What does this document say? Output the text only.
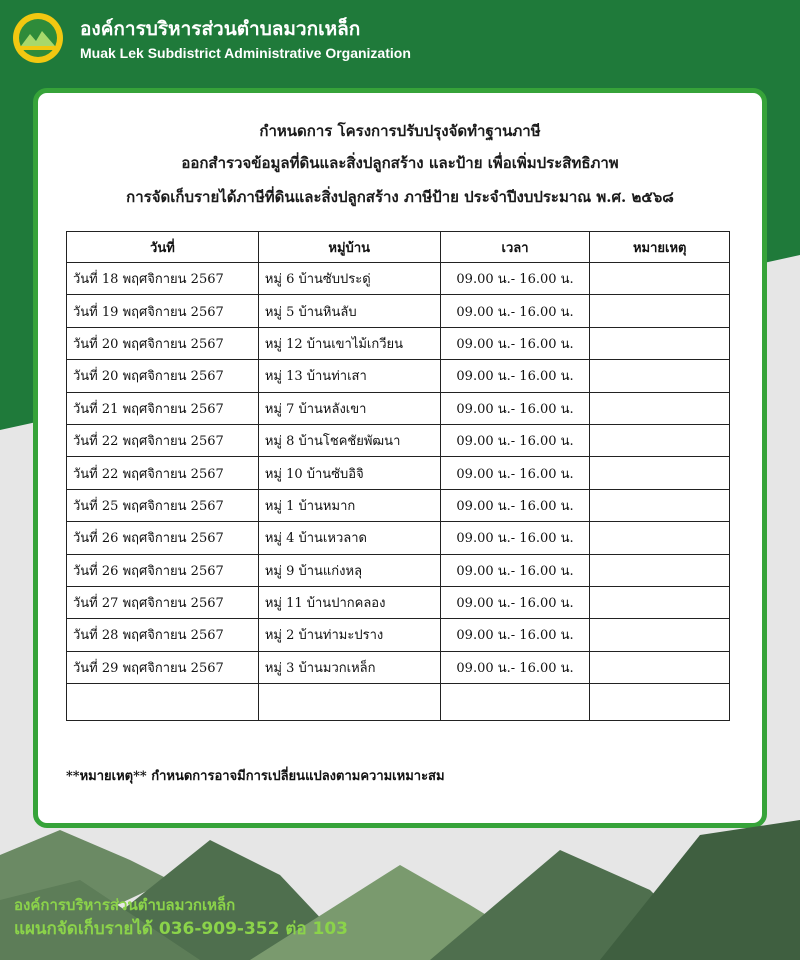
องค์การบริหารส่วนตำบลมวกเหล็ก
Muak Lek Subdistrict Administrative Organization
กำหนดการ โครงการปรับปรุงจัดทำฐานภาษี
ออกสำรวจข้อมูลที่ดินและสิ่งปลูกสร้าง และป้าย เพื่อเพิ่มประสิทธิภาพ
การจัดเก็บรายได้ภาษีที่ดินและสิ่งปลูกสร้าง ภาษีป้าย ประจำปีงบประมาณ พ.ศ. ๒๕๖๘
วันที่	หมู่บ้าน	เวลา	หมายเหตุ
วันที่ 18 พฤศจิกายน 2567	หมู่ 6 บ้านซับประดู่	09.00 น.- 16.00 น.	
วันที่ 19 พฤศจิกายน 2567	หมู่ 5 บ้านหินลับ	09.00 น.- 16.00 น.	
วันที่ 20 พฤศจิกายน 2567	หมู่ 12 บ้านเขาไม้เกวียน	09.00 น.- 16.00 น.	
วันที่ 20 พฤศจิกายน 2567	หมู่ 13 บ้านท่าเสา	09.00 น.- 16.00 น.	
วันที่ 21 พฤศจิกายน 2567	หมู่ 7 บ้านหลังเขา	09.00 น.- 16.00 น.	
วันที่ 22 พฤศจิกายน 2567	หมู่ 8 บ้านโชคชัยพัฒนา	09.00 น.- 16.00 น.	
วันที่ 22 พฤศจิกายน 2567	หมู่ 10 บ้านซับอิจิ	09.00 น.- 16.00 น.	
วันที่ 25 พฤศจิกายน 2567	หมู่ 1 บ้านหมาก	09.00 น.- 16.00 น.	
วันที่ 26 พฤศจิกายน 2567	หมู่ 4 บ้านเหวลาด	09.00 น.- 16.00 น.	
วันที่ 26 พฤศจิกายน 2567	หมู่ 9 บ้านแก่งหลุ	09.00 น.- 16.00 น.	
วันที่ 27 พฤศจิกายน 2567	หมู่ 11 บ้านปากคลอง	09.00 น.- 16.00 น.	
วันที่ 28 พฤศจิกายน 2567	หมู่ 2 บ้านท่ามะปราง	09.00 น.- 16.00 น.	
วันที่ 29 พฤศจิกายน 2567	หมู่ 3 บ้านมวกเหล็ก	09.00 น.- 16.00 น.	

**หมายเหตุ** กำหนดการอาจมีการเปลี่ยนแปลงตามความเหมาะสม
องค์การบริหารส่วนตำบลมวกเหล็ก
แผนกจัดเก็บรายได้ 036-909-352 ต่อ 103
